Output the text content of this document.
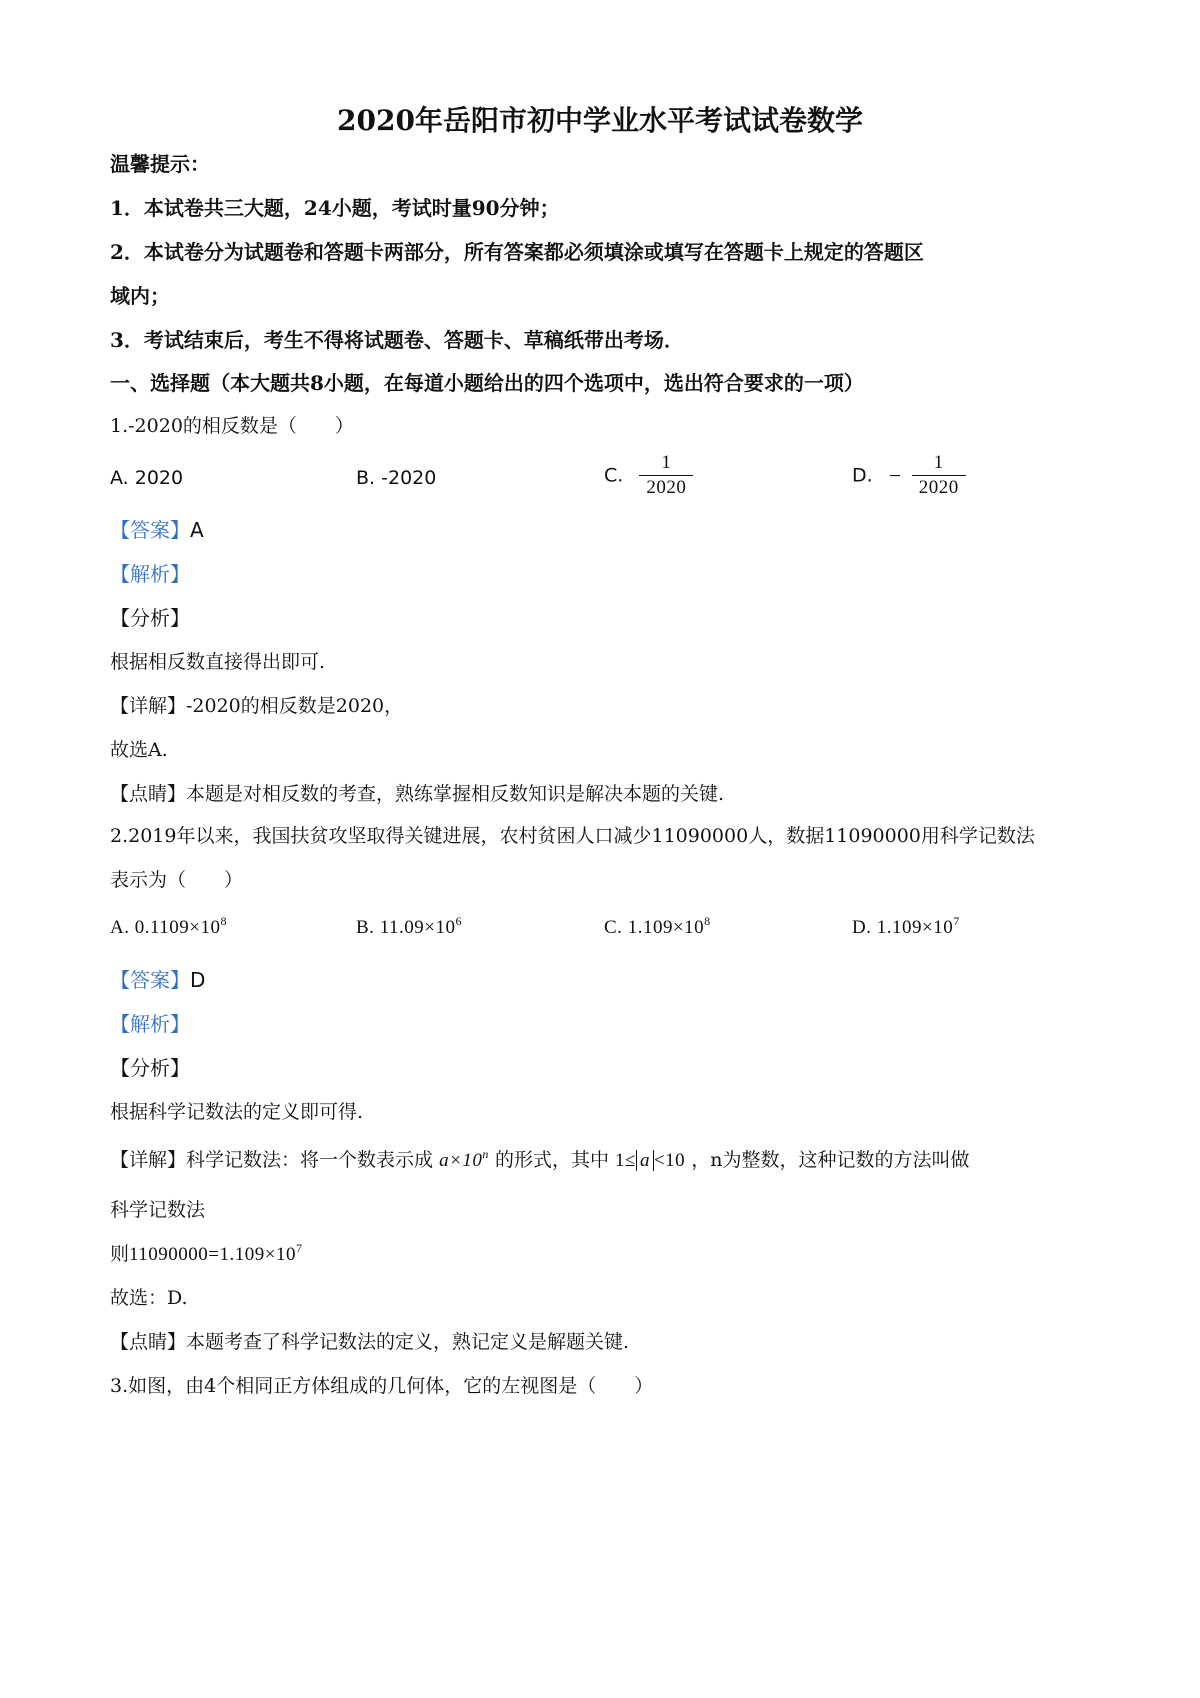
2020年岳阳市初中学业水平考试试卷数学
温馨提示：
1．本试卷共三大题，24小题，考试时量90分钟；
2．本试卷分为试题卷和答题卡两部分，所有答案都必须填涂或填写在答题卡上规定的答题区
域内；
3．考试结束后，考生不得将试题卷、答题卡、草稿纸带出考场．
一、选择题（本大题共8小题，在每道小题给出的四个选项中，选出符合要求的一项）
1.-2020的相反数是（　　）
A. 2020	B. -2020	C. $\frac{1}{2020}$	D. − $\frac{1}{2020}$
【答案】A
【解析】
【分析】
根据相反数直接得出即可.
【详解】-2020的相反数是2020，
故选A.
【点睛】本题是对相反数的考查，熟练掌握相反数知识是解决本题的关键.
2.2019年以来，我国扶贫攻坚取得关键进展，农村贫困人口减少11090000人，数据11090000用科学记数法
表示为（　　）
A. $0.1109\times 10^8$	B. $11.09\times 10^6$	C. $1.109\times 10^8$	D. $1.109\times 10^7$
【答案】D
【解析】
【分析】
根据科学记数法的定义即可得.
【详解】科学记数法：将一个数表示成 $a\times 10^n$ 的形式，其中 1≤ a <10 ，n为整数，这种记数的方法叫做
科学记数法
则$11090000=1.109\times 10^7$
故选：D.
【点睛】本题考查了科学记数法的定义，熟记定义是解题关键.
3.如图，由4个相同正方体组成的几何体，它的左视图是（　　）
